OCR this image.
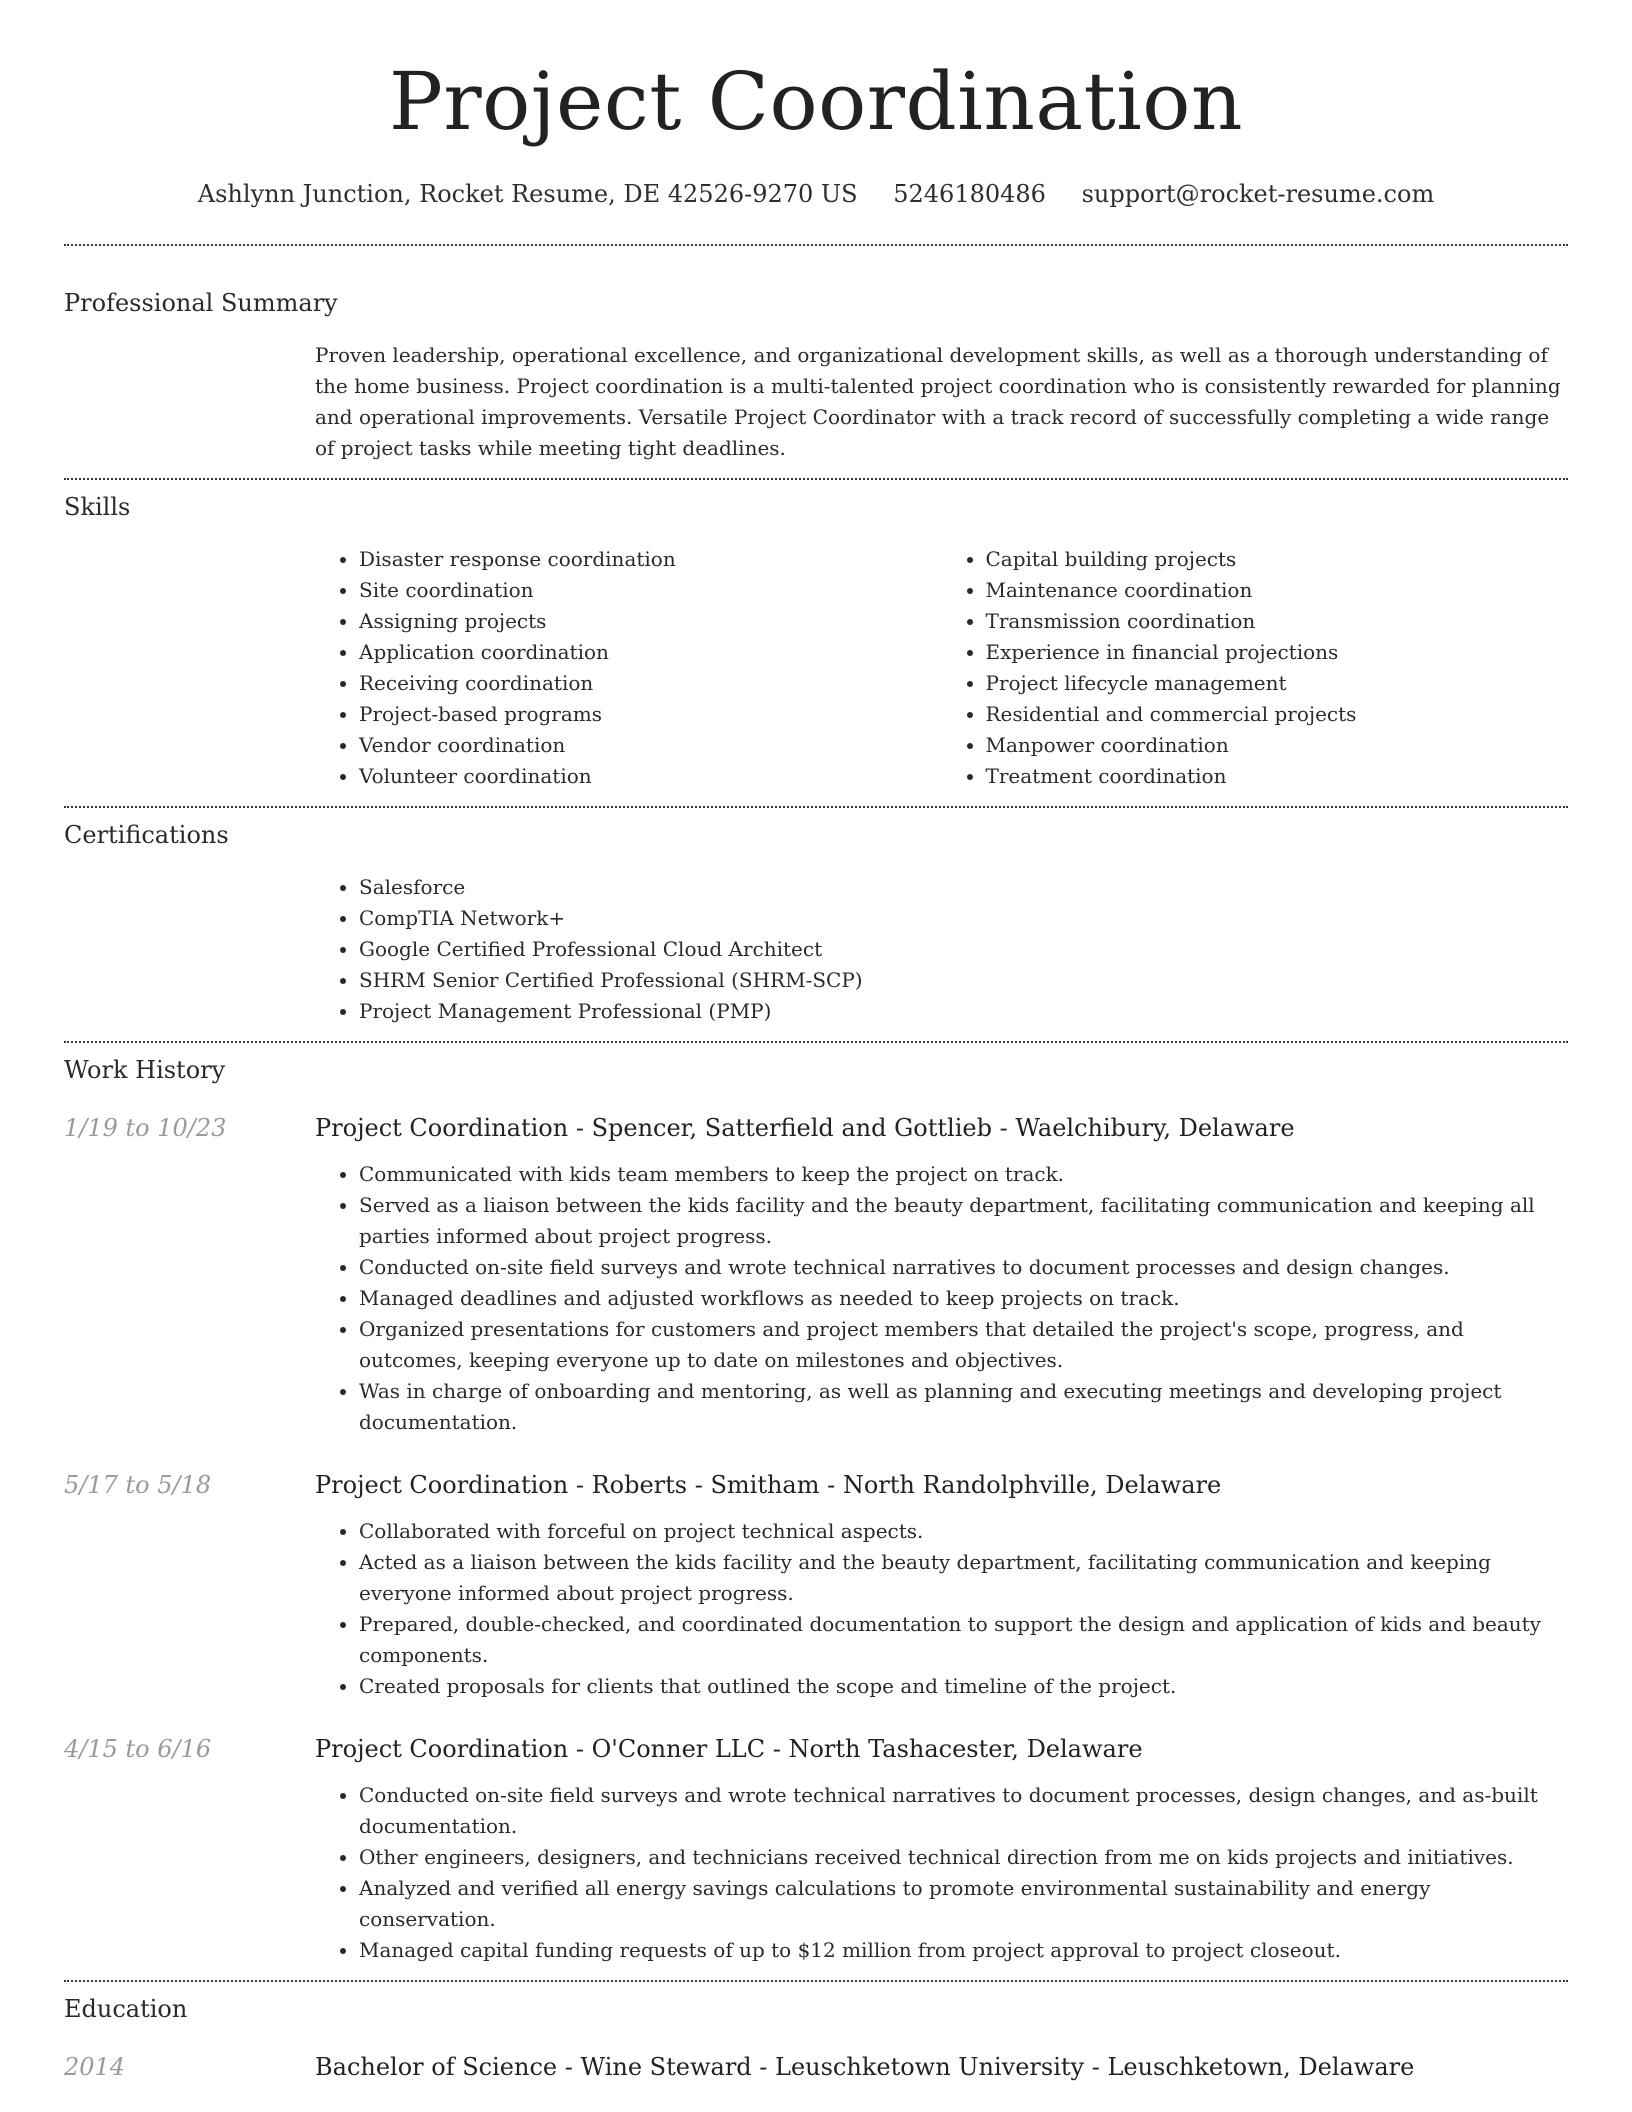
Project Coordination
Ashlynn Junction, Rocket Resume, DE 42526-9270 US 5246180486 support@rocket-resume.com
Professional Summary
Proven leadership, operational excellence, and organizational development skills, as well as a thorough understanding of the home business. Project coordination is a multi-talented project coordination who is consistently rewarded for planning and operational improvements. Versatile Project Coordinator with a track record of successfully completing a wide range of project tasks while meeting tight deadlines.
Skills
• Disaster response coordination
• Site coordination
• Assigning projects
• Application coordination
• Receiving coordination
• Project-based programs
• Vendor coordination
• Volunteer coordination
• Capital building projects
• Maintenance coordination
• Transmission coordination
• Experience in financial projections
• Project lifecycle management
• Residential and commercial projects
• Manpower coordination
• Treatment coordination
Certifications
• Salesforce
• CompTIA Network+
• Google Certified Professional Cloud Architect
• SHRM Senior Certified Professional (SHRM-SCP)
• Project Management Professional (PMP)
Work History
1/19 to 10/23	Project Coordination - Spencer, Satterfield and Gottlieb - Waelchibury, Delaware
• Communicated with kids team members to keep the project on track.
• Served as a liaison between the kids facility and the beauty department, facilitating communication and keeping all parties informed about project progress.
• Conducted on-site field surveys and wrote technical narratives to document processes and design changes.
• Managed deadlines and adjusted workflows as needed to keep projects on track.
• Organized presentations for customers and project members that detailed the project's scope, progress, and outcomes, keeping everyone up to date on milestones and objectives.
• Was in charge of onboarding and mentoring, as well as planning and executing meetings and developing project documentation.
5/17 to 5/18	Project Coordination - Roberts - Smitham - North Randolphville, Delaware
• Collaborated with forceful on project technical aspects.
• Acted as a liaison between the kids facility and the beauty department, facilitating communication and keeping everyone informed about project progress.
• Prepared, double-checked, and coordinated documentation to support the design and application of kids and beauty components.
• Created proposals for clients that outlined the scope and timeline of the project.
4/15 to 6/16	Project Coordination - O'Conner LLC - North Tashacester, Delaware
• Conducted on-site field surveys and wrote technical narratives to document processes, design changes, and as-built documentation.
• Other engineers, designers, and technicians received technical direction from me on kids projects and initiatives.
• Analyzed and verified all energy savings calculations to promote environmental sustainability and energy conservation.
• Managed capital funding requests of up to $12 million from project approval to project closeout.
Education
2014	Bachelor of Science - Wine Steward - Leuschketown University - Leuschketown, Delaware
